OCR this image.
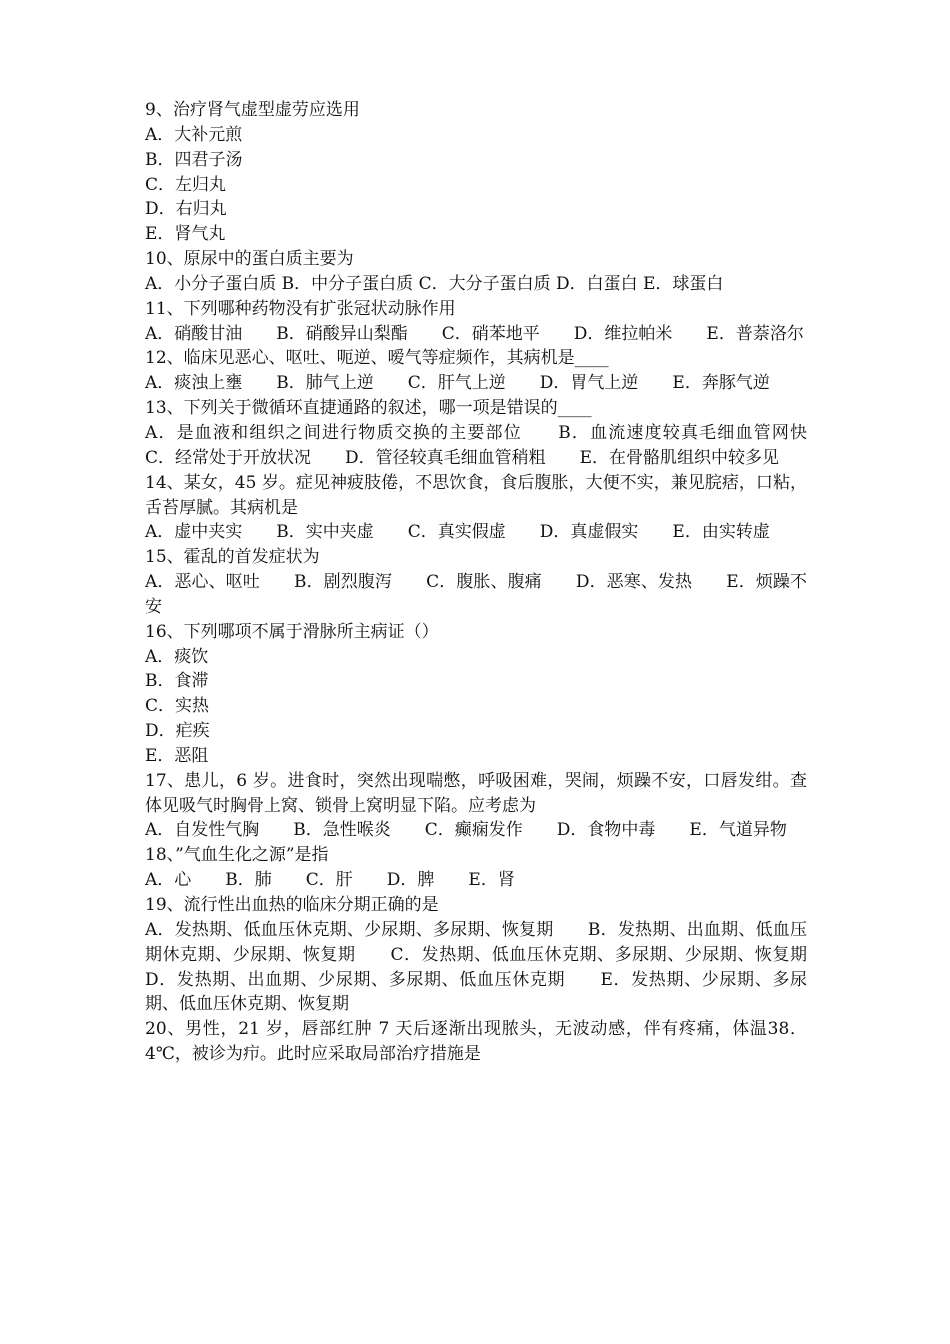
9、治疗肾气虚型虚劳应选用

A．大补元煎

B．四君子汤

C．左归丸

D．右归丸

E．肾气丸

10、原尿中的蛋白质主要为

A．小分子蛋白质 B．中分子蛋白质 C．大分子蛋白质 D．白蛋白 E．球蛋白

11、下列哪种药物没有扩张冠状动脉作用

A．硝酸甘油　　B．硝酸异山梨酯　　C．硝苯地平　　D．维拉帕米　　E．普萘洛尔

12、临床见恶心、呕吐、呃逆、嗳气等症频作，其病机是____

A．痰浊上壅　　B．肺气上逆　　C．肝气上逆　　D．胃气上逆　　E．奔豚气逆

13、下列关于微循环直捷通路的叙述，哪一项是错误的____

A．是血液和组织之间进行物质交换的主要部位　　B．血流速度较真毛细血管网快　　C．经常处于开放状况　　D．管径较真毛细血管稍粗　　E．在骨骼肌组织中较多见

14、某女，45 岁。症见神疲肢倦，不思饮食，食后腹胀，大便不实，兼见脘痞，口粘，舌苔厚腻。其病机是

A．虚中夹实　　B．实中夹虚　　C．真实假虚　　D．真虚假实　　E．由实转虚

15、霍乱的首发症状为

A．恶心、呕吐　　B．剧烈腹泻　　C．腹胀、腹痛　　D．恶寒、发热　　E．烦躁不安

16、下列哪项不属于滑脉所主病证（）

A．痰饮

B．食滞

C．实热

D．疟疾

E．恶阻

17、患儿，6 岁。进食时，突然出现喘憋，呼吸困难，哭闹，烦躁不安，口唇发绀。查体见吸气时胸骨上窝、锁骨上窝明显下陷。应考虑为

A．自发性气胸　　B．急性喉炎　　C．癫痫发作　　D．食物中毒　　E．气道异物

18、”气血生化之源”是指

A．心　　B．肺　　C．肝　　D．脾　　E．肾

19、流行性出血热的临床分期正确的是

A．发热期、低血压休克期、少尿期、多尿期、恢复期　　B．发热期、出血期、低血压期休克期、少尿期、恢复期　　C．发热期、低血压休克期、多尿期、少尿期、恢复期　　D．发热期、出血期、少尿期、多尿期、低血压休克期　　E．发热期、少尿期、多尿期、低血压休克期、恢复期

20、男性，21 岁，唇部红肿 7 天后逐渐出现脓头，无波动感，伴有疼痛，体温38．4℃，被诊为疖。此时应采取局部治疗措施是
